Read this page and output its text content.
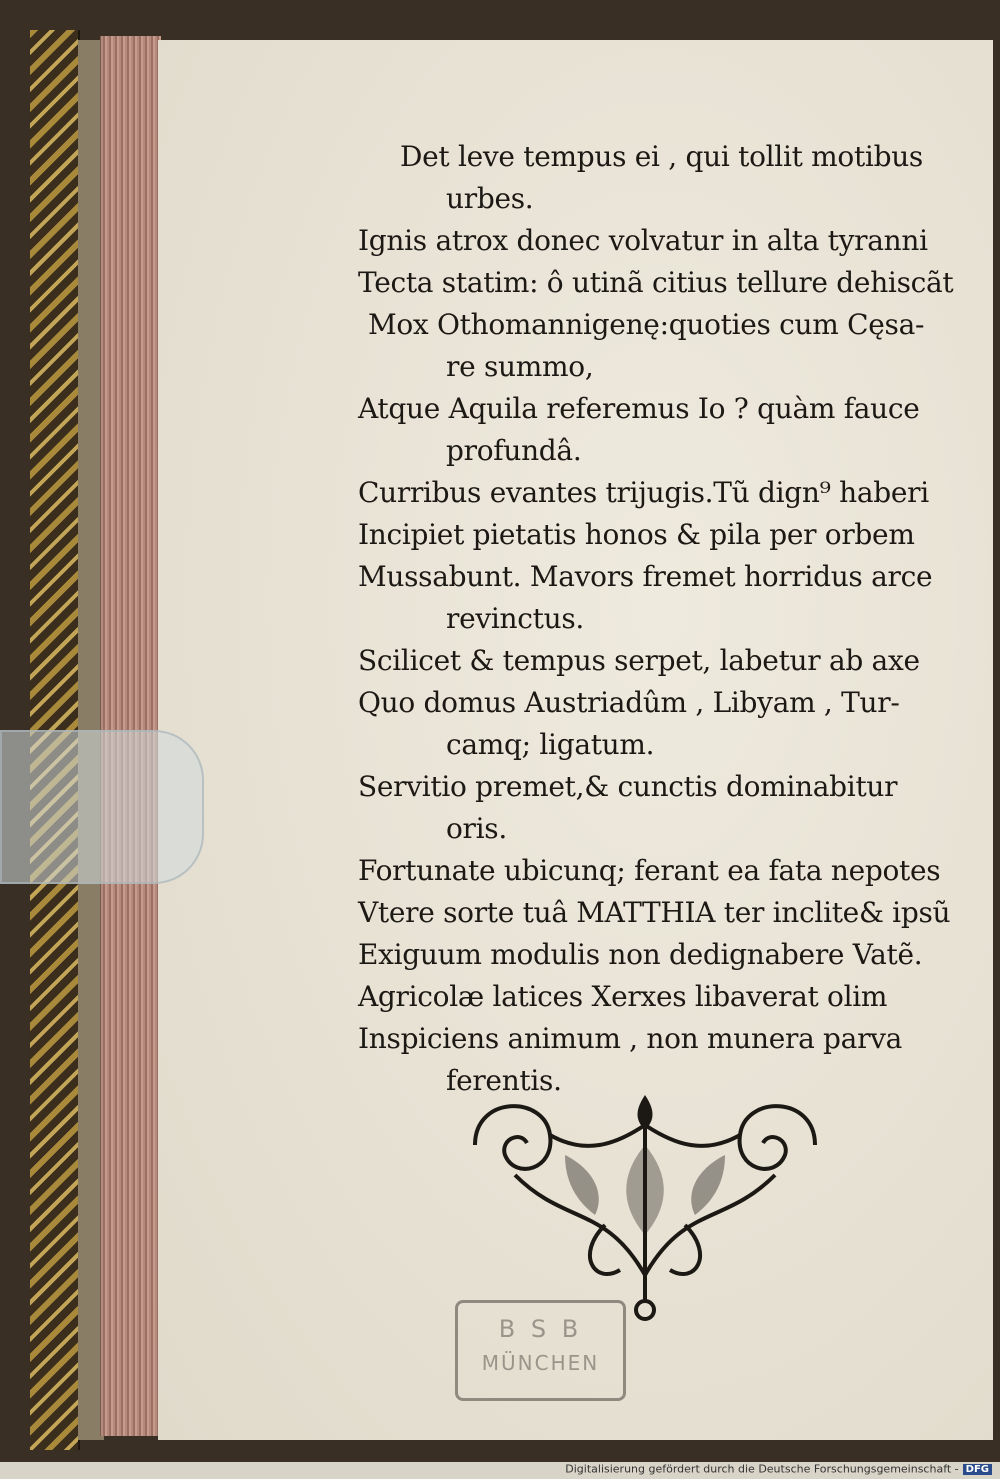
Det leve tempus ei , qui tollit motibus
urbes.
Ignis atrox donec volvatur in alta tyranni
Tecta statim: ô utinã citius tellure dehiscãt
Mox Othomannigenę:quoties cum Cęsa-
re summo,
Atque Aquila referemus Io ? quàm fauce
profundâ.
Curribus evantes trijugis.Tũ dign⁹ haberi
Incipiet pietatis honos & pila per orbem
Mussabunt. Mavors fremet horridus arce
revinctus.
Scilicet & tempus serpet, labetur ab axe
Quo domus Austriadûm , Libyam , Tur-
camq; ligatum.
Servitio premet,& cunctis dominabitur
oris.
Fortunate ubicunq; ferant ea fata nepotes
Vtere sorte tuâ MATTHIA ter inclite& ipsũ
Exiguum modulis non dedignabere Vatẽ.
Agricolæ latices Xerxes libaverat olim
Inspiciens animum , non munera parva
ferentis.
B S B
MÜNCHEN
Digitalisierung gefördert durch die Deutsche Forschungsgemeinschaft - DFG
